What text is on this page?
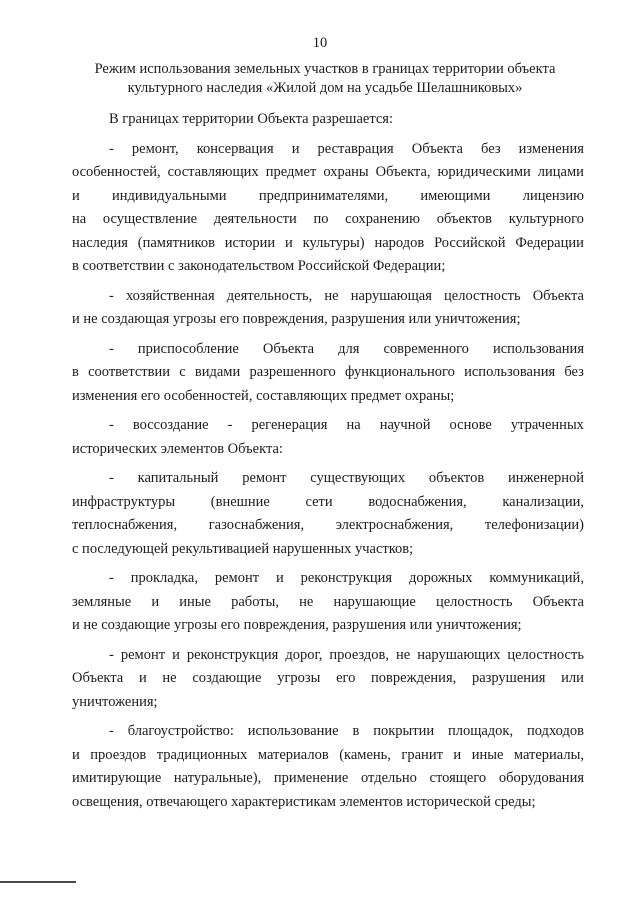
10
Режим использования земельных участков в границах территории объекта
культурного наследия «Жилой дом на усадьбе Шелашниковых»
В границах территории Объекта разрешается:
- ремонт, консервация и реставрация Объекта без изменения
особенностей, составляющих предмет охраны Объекта, юридическими лицами
и индивидуальными предпринимателями, имеющими лицензию
на осуществление деятельности по сохранению объектов культурного
наследия (памятников истории и культуры) народов Российской Федерации
в соответствии с законодательством Российской Федерации;
- хозяйственная деятельность, не нарушающая целостность Объекта
и не создающая угрозы его повреждения, разрушения или уничтожения;
- приспособление Объекта для современного использования
в соответствии с видами разрешенного функционального использования без
изменения его особенностей, составляющих предмет охраны;
- воссоздание - регенерация на научной основе утраченных
исторических элементов Объекта:
- капитальный ремонт существующих объектов инженерной
инфраструктуры (внешние сети водоснабжения, канализации,
теплоснабжения, газоснабжения, электроснабжения, телефонизации)
с последующей рекультивацией нарушенных участков;
- прокладка, ремонт и реконструкция дорожных коммуникаций,
земляные и иные работы, не нарушающие целостность Объекта
и не создающие угрозы его повреждения, разрушения или уничтожения;
- ремонт и реконструкция дорог, проездов, не нарушающих целостность
Объекта и не создающие угрозы его повреждения, разрушения или
уничтожения;
- благоустройство: использование в покрытии площадок, подходов
и проездов традиционных материалов (камень, гранит и иные материалы,
имитирующие натуральные), применение отдельно стоящего оборудования
освещения, отвечающего характеристикам элементов исторической среды;
